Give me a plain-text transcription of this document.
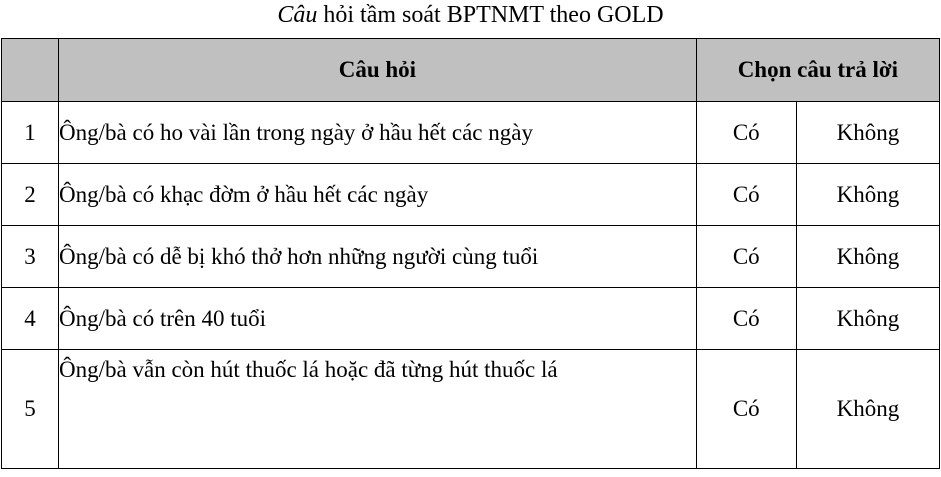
Câu hỏi tầm soát BPTNMT theo GOLD
	Câu hỏi	Chọn câu trả lời	
1	Ông/bà có ho vài lần trong ngày ở hầu hết các ngày	Có	Không
2	Ông/bà có khạc đờm ở hầu hết các ngày	Có	Không
3	Ông/bà có dễ bị khó thở hơn những người cùng tuổi	Có	Không
4	Ông/bà có trên 40 tuổi	Có	Không
5	Ông/bà vẫn còn hút thuốc lá hoặc đã từng hút thuốc lá	Có	Không
